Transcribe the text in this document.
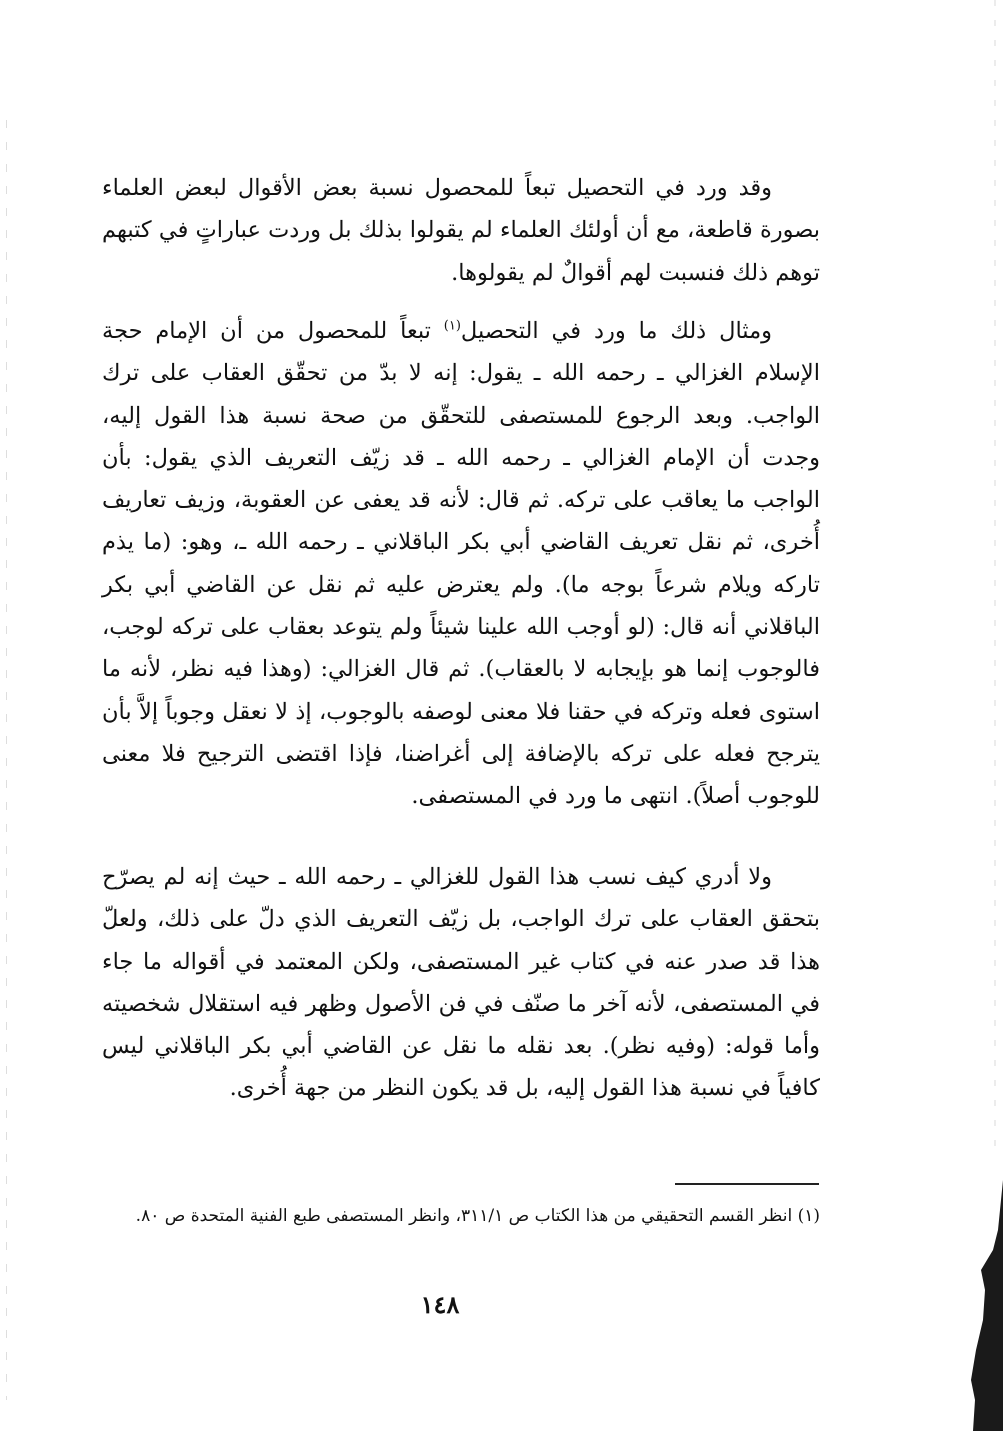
وقد ورد في التحصيل تبعاً للمحصول نسبة بعض الأقوال لبعض العلماء بصورة قاطعة، مع أن أولئك العلماء لم يقولوا بذلك بل وردت عباراتٍ في كتبهم توهم ذلك فنسبت لهم أقوالٌ لم يقولوها.
ومثال ذلك ما ورد في التحصيل$^{(١)}$ تبعاً للمحصول من أن الإمام حجة الإسلام الغزالي ـ رحمه الله ـ يقول: إنه لا بدّ من تحقّق العقاب على ترك الواجب. وبعد الرجوع للمستصفى للتحقّق من صحة نسبة هذا القول إليه، وجدت أن الإمام الغزالي ـ رحمه الله ـ قد زيّف التعريف الذي يقول: بأن الواجب ما يعاقب على تركه. ثم قال: لأنه قد يعفى عن العقوبة، وزيف تعاريف أُخرى، ثم نقل تعريف القاضي أبي بكر الباقلاني ـ رحمه الله ـ، وهو: (ما يذم تاركه ويلام شرعاً بوجه ما). ولم يعترض عليه ثم نقل عن القاضي أبي بكر الباقلاني أنه قال: (لو أوجب الله علينا شيئاً ولم يتوعد بعقاب على تركه لوجب، فالوجوب إنما هو بإيجابه لا بالعقاب). ثم قال الغزالي: (وهذا فيه نظر، لأنه ما استوى فعله وتركه في حقنا فلا معنى لوصفه بالوجوب، إذ لا نعقل وجوباً إلاَّ بأن يترجح فعله على تركه بالإضافة إلى أغراضنا، فإذا اقتضى الترجيح فلا معنى للوجوب أصلاً). انتهى ما ورد في المستصفى.
ولا أدري كيف نسب هذا القول للغزالي ـ رحمه الله ـ حيث إنه لم يصرّح بتحقق العقاب على ترك الواجب، بل زيّف التعريف الذي دلّ على ذلك، ولعلّ هذا قد صدر عنه في كتاب غير المستصفى، ولكن المعتمد في أقواله ما جاء في المستصفى، لأنه آخر ما صنّف في فن الأصول وظهر فيه استقلال شخصيته وأما قوله: (وفيه نظر). بعد نقله ما نقل عن القاضي أبي بكر الباقلاني ليس كافياً في نسبة هذا القول إليه، بل قد يكون النظر من جهة أُخرى.
(١) انظر القسم التحقيقي من هذا الكتاب ص ٣١١/١، وانظر المستصفى طبع الفنية المتحدة ص ٨٠.
١٤٨
